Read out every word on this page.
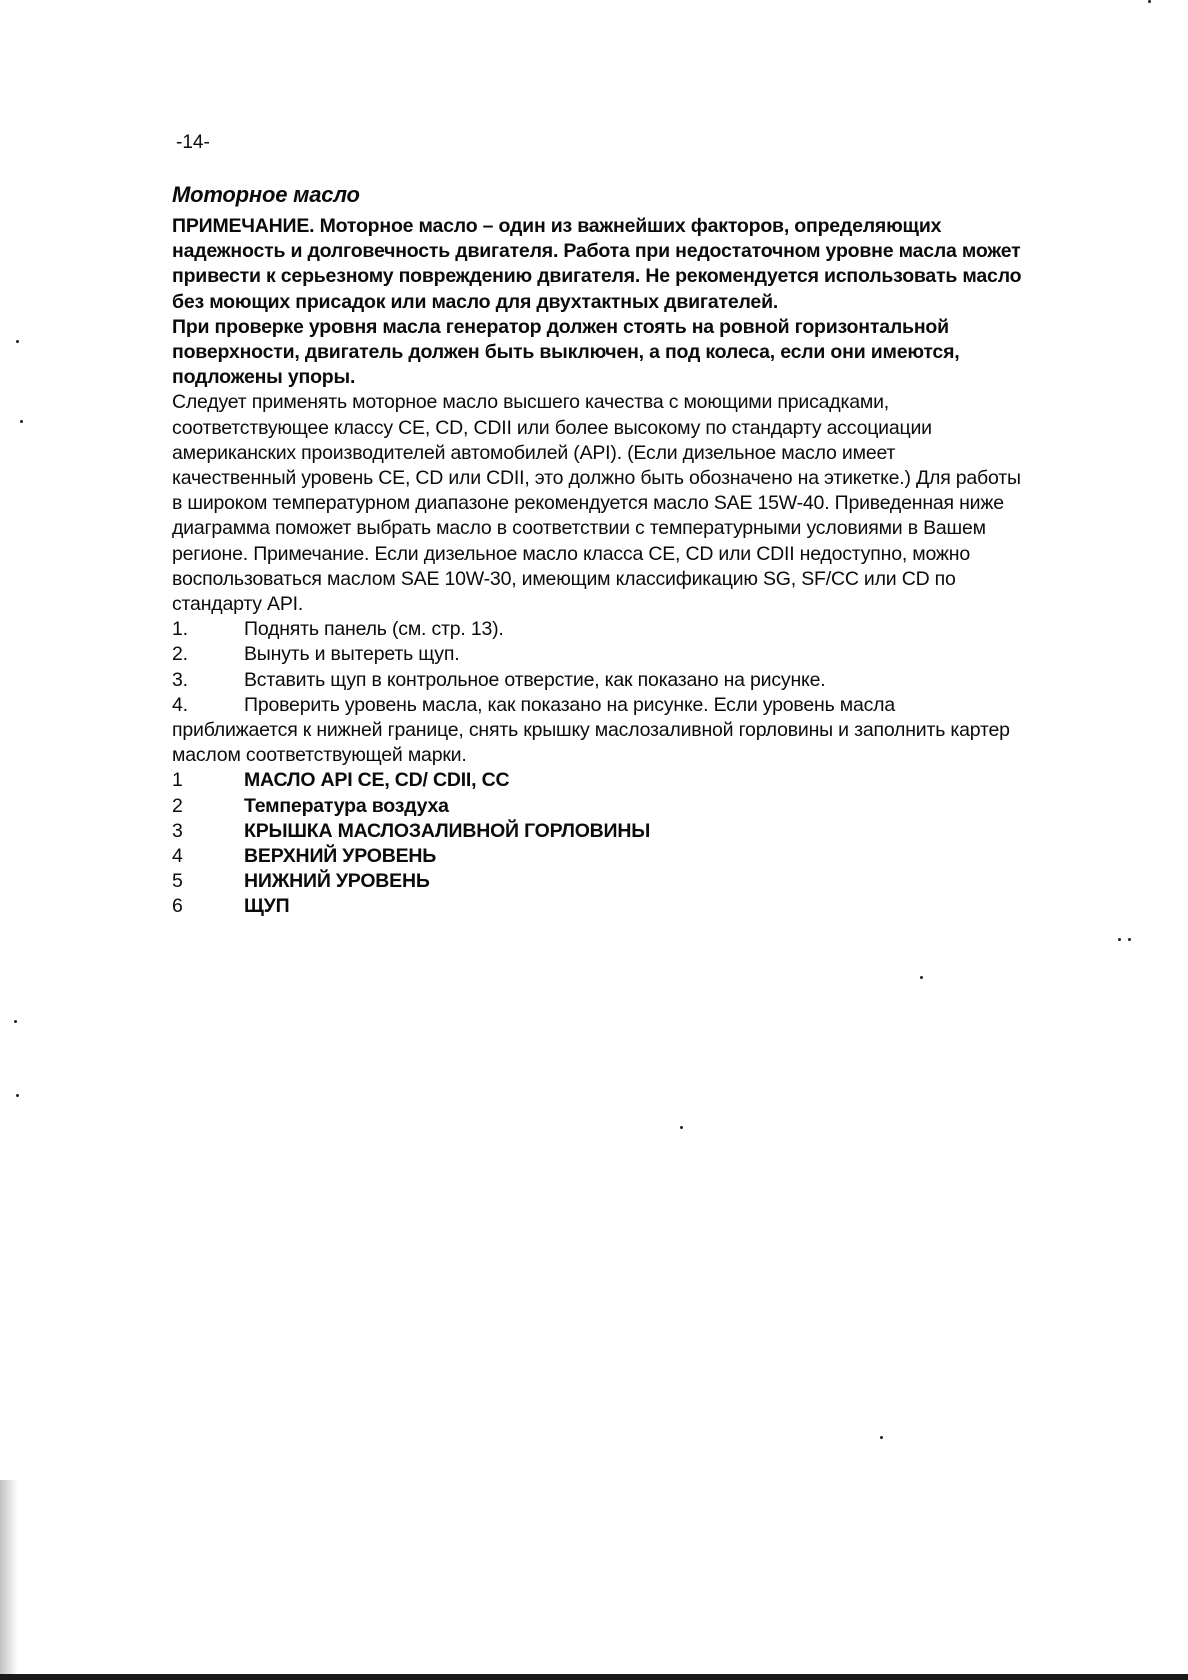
-14-
Моторное масло

ПРИМЕЧАНИЕ. Моторное масло – один из важнейших факторов, определяющих надежность и долговечность двигателя. Работа при недостаточном уровне масла может привести к серьезному повреждению двигателя. Не рекомендуется использовать масло без моющих присадок или масло для двухтактных двигателей.

При проверке уровня масла генератор должен стоять на ровной горизонтальной поверхности, двигатель должен быть выключен, а под колеса, если они имеются, подложены упоры.

Следует применять моторное масло высшего качества с моющими присадками, соответствующее классу CE, CD, CDII или более высокому по стандарту ассоциации американских производителей автомобилей (API). (Если дизельное масло имеет качественный уровень CE, CD или CDII, это должно быть обозначено на этикетке.) Для работы в широком температурном диапазоне рекомендуется масло SAE 15W-40. Приведенная ниже диаграмма поможет выбрать масло в соответствии с температурными условиями в Вашем регионе. Примечание. Если дизельное масло класса CE, CD или CDII недоступно, можно воспользоваться маслом SAE 10W-30, имеющим классификацию SG, SF/CC или CD по стандарту API.

1.	Поднять панель (см. стр. 13).
2.	Вынуть и вытереть щуп.
3.	Вставить щуп в контрольное отверстие, как показано на рисунке.
4.	Проверить уровень масла, как показано на рисунке. Если уровень масла

приближается к нижней границе, снять крышку маслозаливной горловины и заполнить картер маслом соответствующей марки.

1	МАСЛО API CE, CD/ CDII, CC
2	Температура воздуха
3	КРЫШКА МАСЛОЗАЛИВНОЙ ГОРЛОВИНЫ
4	ВЕРХНИЙ УРОВЕНЬ
5	НИЖНИЙ УРОВЕНЬ
6	ЩУП
